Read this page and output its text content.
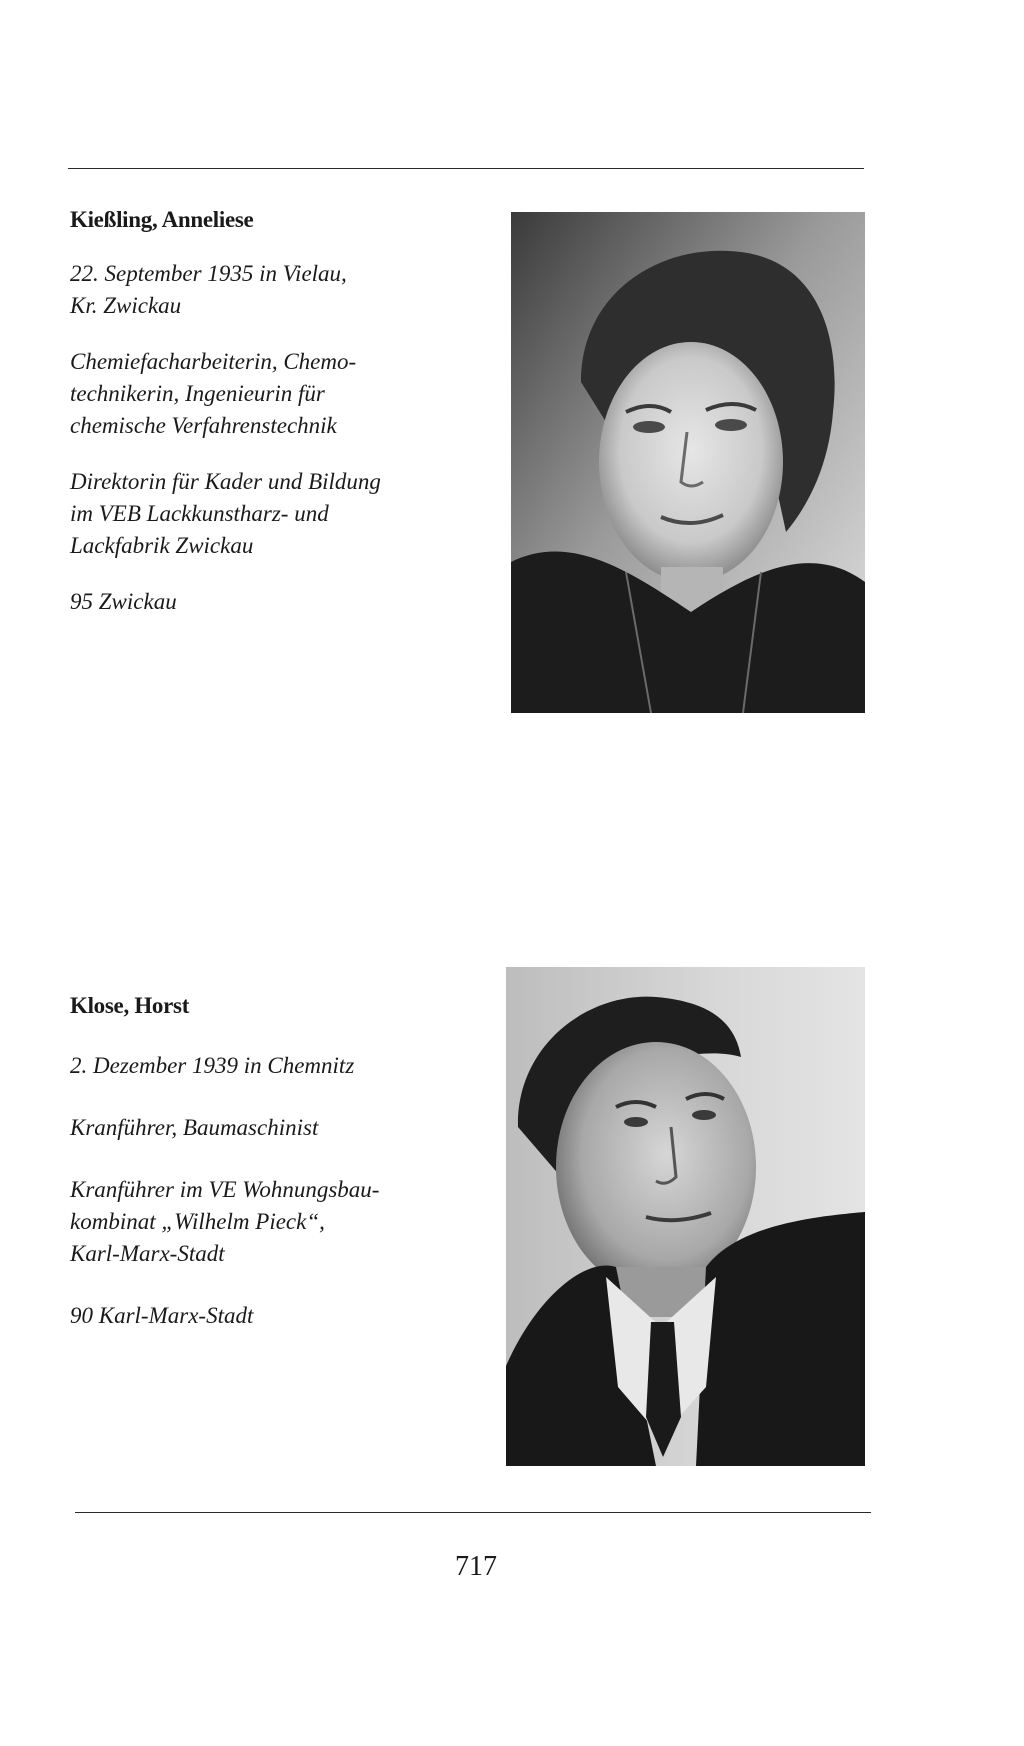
Kießling, Anneliese

22. September 1935 in Vielau,
Kr. Zwickau

Chemiefacharbeiterin, Chemo-
technikerin, Ingenieurin für
chemische Verfahrenstechnik

Direktorin für Kader und Bildung
im VEB Lackkunstharz- und
Lackfabrik Zwickau

95 Zwickau

Klose, Horst

2. Dezember 1939 in Chemnitz

Kranführer, Baumaschinist

Kranführer im VE Wohnungsbau-
kombinat „Wilhelm Pieck“,
Karl-Marx-Stadt

90 Karl-Marx-Stadt

717
